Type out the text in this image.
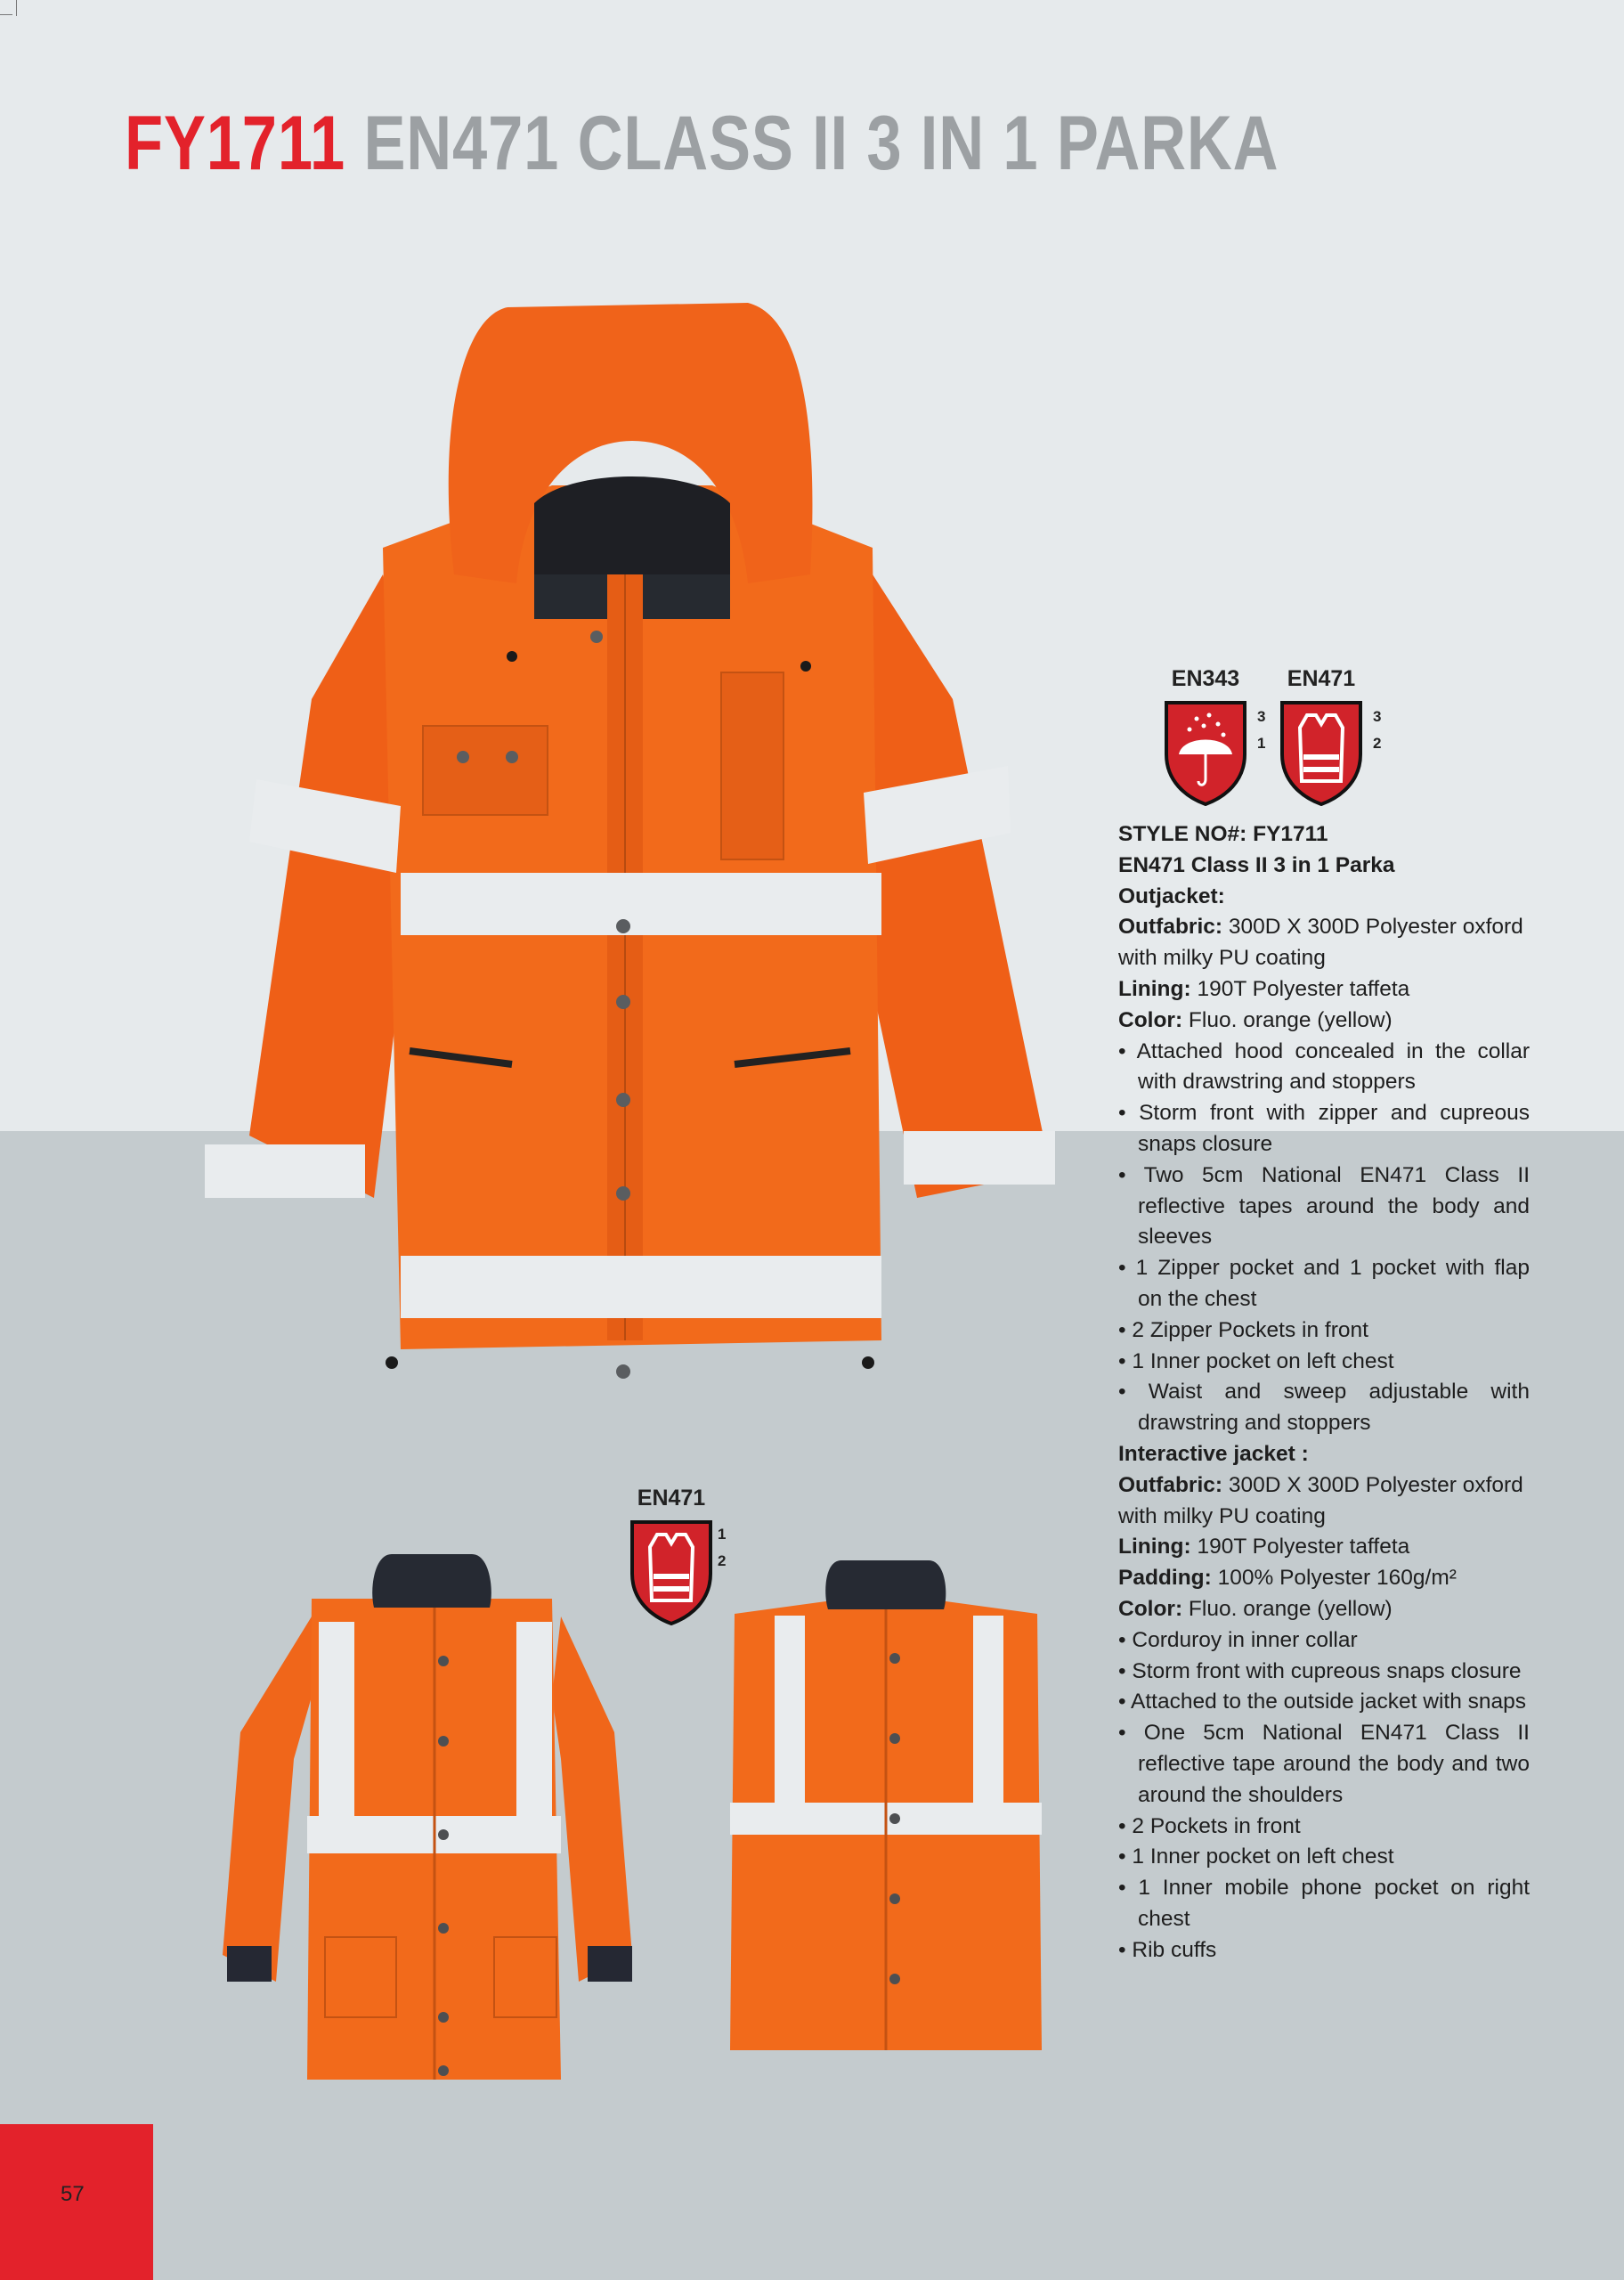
FY1711 EN471 CLASS II 3 IN 1 PARKA
EN343
3
1
EN471
3
2
EN471
1
2

STYLE NO#: FY1711

EN471 Class II 3 in 1 Parka

Outjacket:

Outfabric: 300D X 300D Polyester oxford with milky PU coating

Lining: 190T Polyester taffeta

Color: Fluo. orange (yellow)

• Attached hood concealed in the collar with drawstring and stoppers

• Storm front with zipper and cupreous snaps closure

• Two 5cm National EN471 Class II reflective tapes around the body and sleeves

• 1 Zipper pocket and 1 pocket with flap on the chest

• 2 Zipper Pockets in front

• 1 Inner pocket on left chest

• Waist and sweep adjustable with drawstring and stoppers

Interactive jacket :

Outfabric: 300D X 300D Polyester oxford with milky PU coating

Lining: 190T Polyester taffeta

Padding: 100% Polyester 160g/m²

Color: Fluo. orange (yellow)

• Corduroy in inner collar

• Storm front with cupreous snaps closure

• Attached to the outside jacket with snaps

• One 5cm National EN471 Class II reflective tape around the body and two around the shoulders

• 2 Pockets in front

• 1 Inner pocket on left chest

• 1 Inner mobile phone pocket on right chest

• Rib cuffs

57
